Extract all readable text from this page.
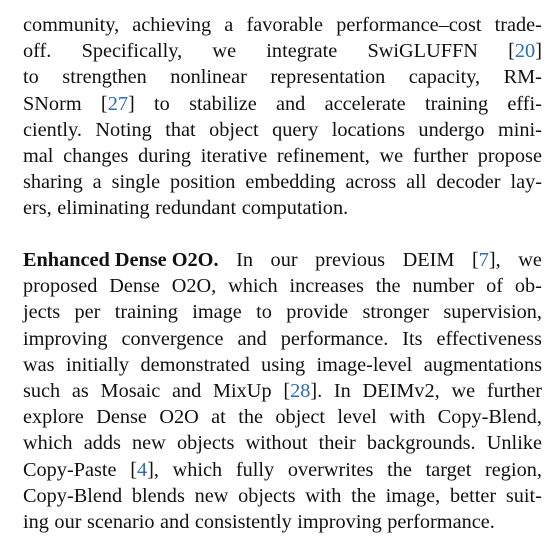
community, achieving a favorable performance–cost trade-
off. Specifically, we integrate SwiGLUFFN [20]
to strengthen nonlinear representation capacity, RM-
SNorm [27] to stabilize and accelerate training effi-
ciently. Noting that object query locations undergo mini-
mal changes during iterative refinement, we further propose
sharing a single position embedding across all decoder lay-
ers, eliminating redundant computation.
Enhanced Dense O2O. In our previous DEIM [7], we
proposed Dense O2O, which increases the number of ob-
jects per training image to provide stronger supervision,
improving convergence and performance. Its effectiveness
was initially demonstrated using image-level augmentations
such as Mosaic and MixUp [28]. In DEIMv2, we further
explore Dense O2O at the object level with Copy-Blend,
which adds new objects without their backgrounds. Unlike
Copy-Paste [4], which fully overwrites the target region,
Copy-Blend blends new objects with the image, better suit-
ing our scenario and consistently improving performance.
